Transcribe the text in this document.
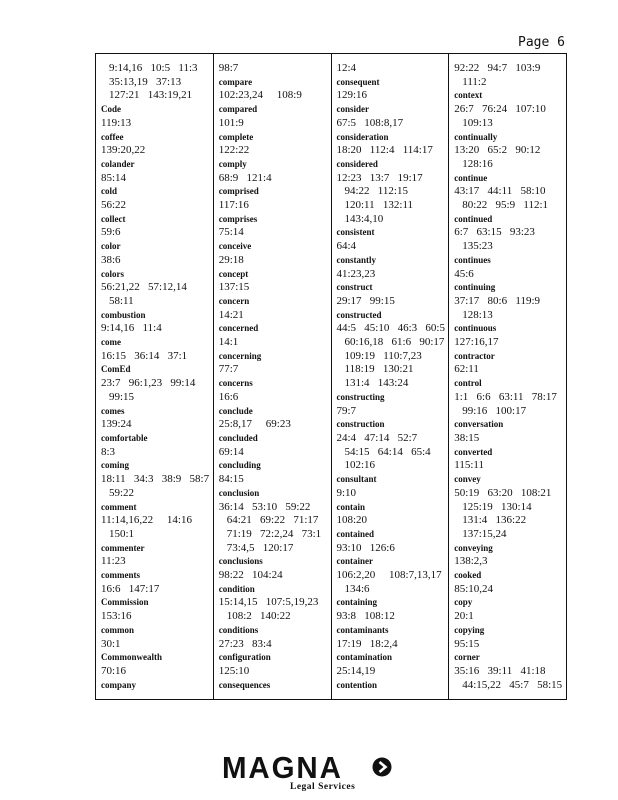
Page 6
9:14,16   10:5   11:3
35:13,19   37:13
127:21   143:19,21
Code
119:13
coffee
139:20,22
colander
85:14
cold
56:22
collect
59:6
color
38:6
colors
56:21,22   57:12,14
58:11
combustion
9:14,16   11:4
come
16:15   36:14   37:1
ComEd
23:7   96:1,23   99:14
99:15
comes
139:24
comfortable
8:3
coming
18:11   34:3   38:9   58:7
59:22
comment
11:14,16,22     14:16
150:1
commenter
11:23
comments
16:6   147:17
Commission
153:16
common
30:1
Commonwealth
70:16
company
98:7
compare
102:23,24     108:9
compared
101:9
complete
122:22
comply
68:9   121:4
comprised
117:16
comprises
75:14
conceive
29:18
concept
137:15
concern
14:21
concerned
14:1
concerning
77:7
concerns
16:6
conclude
25:8,17     69:23
concluded
69:14
concluding
84:15
conclusion
36:14   53:10   59:22
64:21   69:22   71:17
71:19   72:2,24   73:1
73:4,5   120:17
conclusions
98:22   104:24
condition
15:14,15   107:5,19,23
108:2   140:22
conditions
27:23   83:4
configuration
125:10
consequences
12:4
consequent
129:16
consider
67:5   108:8,17
consideration
18:20   112:4   114:17
considered
12:23   13:7   19:17
94:22   112:15
120:11   132:11
143:4,10
consistent
64:4
constantly
41:23,23
construct
29:17   99:15
constructed
44:5   45:10   46:3   60:5
60:16,18   61:6   90:17
109:19   110:7,23
118:19   130:21
131:4   143:24
constructing
79:7
construction
24:4   47:14   52:7
54:15   64:14   65:4
102:16
consultant
9:10
contain
108:20
contained
93:10   126:6
container
106:2,20     108:7,13,17
134:6
containing
93:8   108:12
contaminants
17:19   18:2,4
contamination
25:14,19
contention
92:22   94:7   103:9
111:2
context
26:7   76:24   107:10
109:13
continually
13:20   65:2   90:12
128:16
continue
43:17   44:11   58:10
80:22   95:9   112:1
continued
6:7   63:15   93:23
135:23
continues
45:6
continuing
37:17   80:6   119:9
128:13
continuous
127:16,17
contractor
62:11
control
1:1   6:6   63:11   78:17
99:16   100:17
conversation
38:15
converted
115:11
convey
50:19   63:20   108:21
125:19   130:14
131:4   136:22
137:15,24
conveying
138:2,3
cooked
85:10,24
copy
20:1
copying
95:15
corner
35:16   39:11   41:18
44:15,22   45:7   58:15
MAGNA
Legal Services
